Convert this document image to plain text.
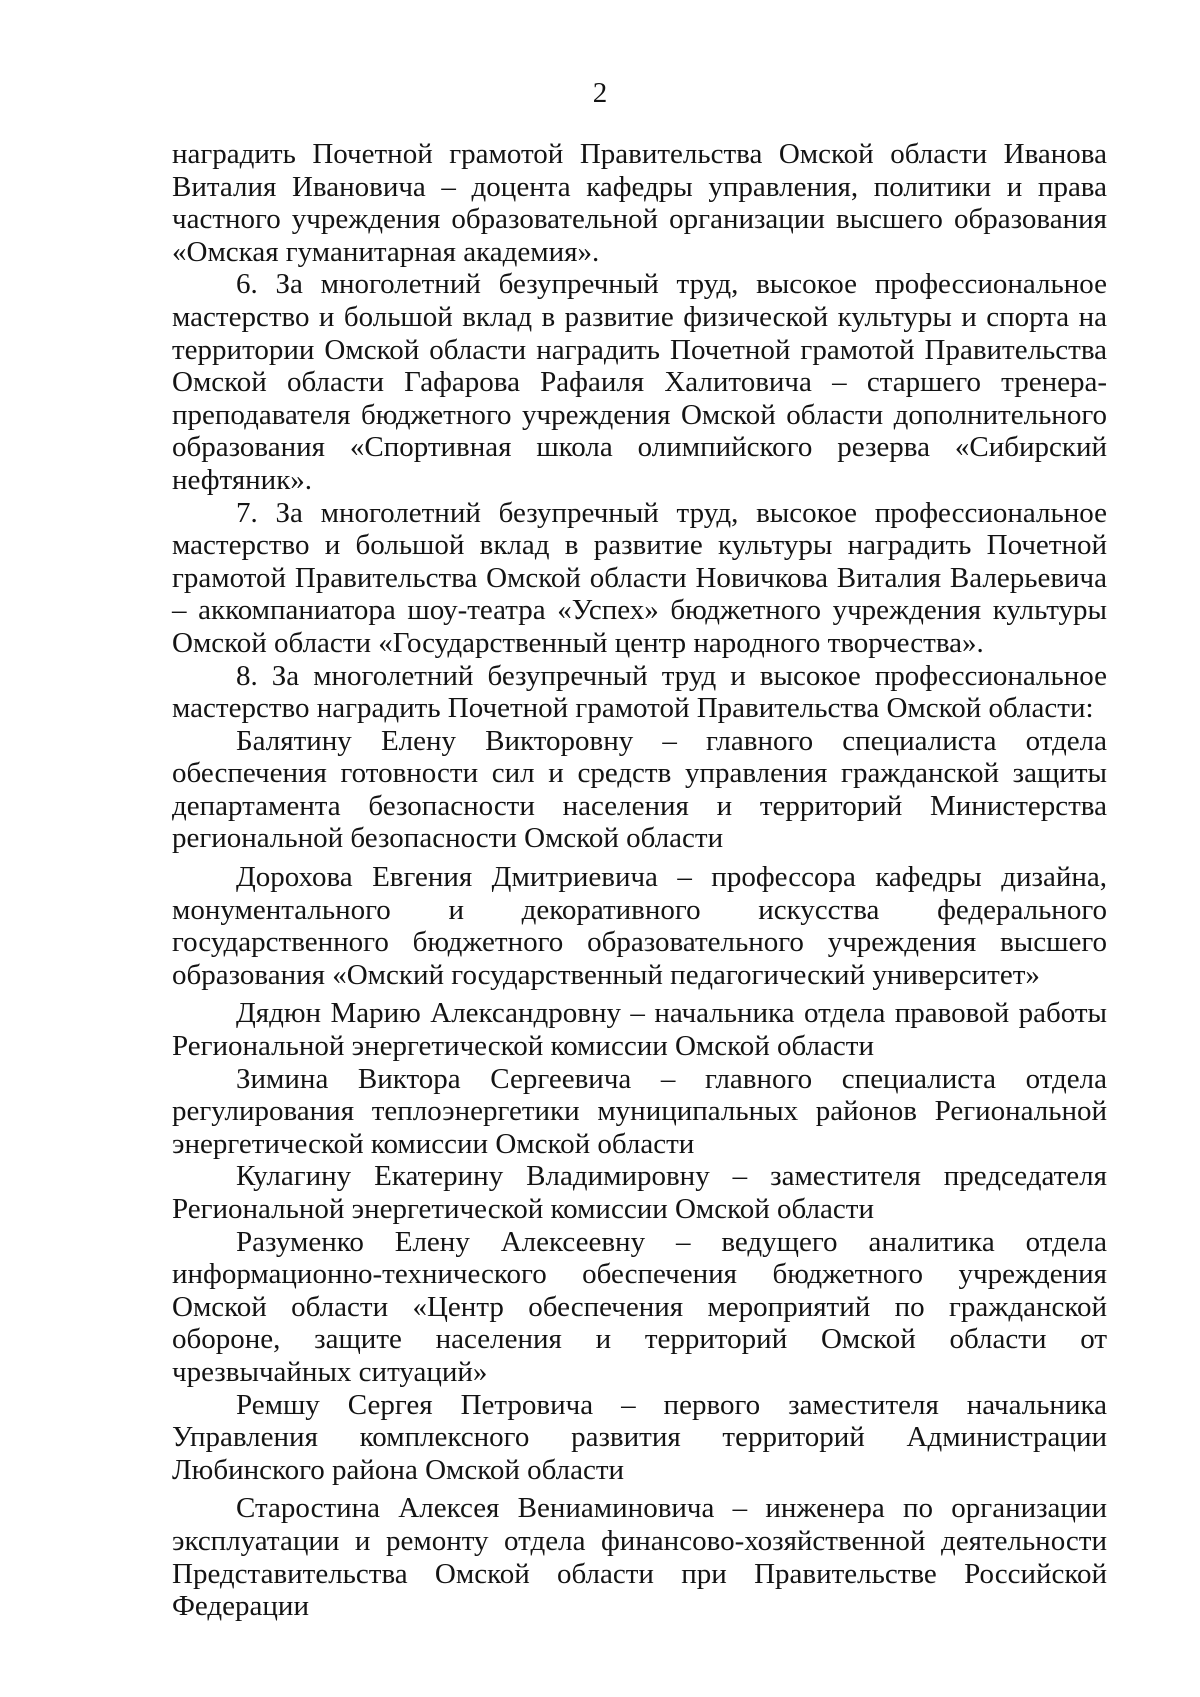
2

наградить Почетной грамотой Правительства Омской области Иванова Виталия Ивановича – доцента кафедры управления, политики и права частного учреждения образовательной организации высшего образования «Омская гуманитарная академия».

6. За многолетний безупречный труд, высокое профессиональное мастерство и большой вклад в развитие физической культуры и спорта на территории Омской области наградить Почетной грамотой Правительства Омской области Гафарова Рафаиля Халитовича – старшего тренера-преподавателя бюджетного учреждения Омской области дополнительного образования «Спортивная школа олимпийского резерва «Сибирский нефтяник».

7. За многолетний безупречный труд, высокое профессиональное мастерство и большой вклад в развитие культуры наградить Почетной грамотой Правительства Омской области Новичкова Виталия Валерьевича – аккомпаниатора шоу-театра «Успех» бюджетного учреждения культуры Омской области «Государственный центр народного творчества».

8. За многолетний безупречный труд и высокое профессиональное мастерство наградить Почетной грамотой Правительства Омской области:

Балятину Елену Викторовну – главного специалиста отдела обеспечения готовности сил и средств управления гражданской защиты департамента безопасности населения и территорий Министерства региональной безопасности Омской области

Дорохова Евгения Дмитриевича – профессора кафедры дизайна, монументального и декоративного искусства федерального государственного бюджетного образовательного учреждения высшего образования «Омский государственный педагогический университет»

Дядюн Марию Александровну – начальника отдела правовой работы Региональной энергетической комиссии Омской области

Зимина Виктора Сергеевича – главного специалиста отдела регулирования теплоэнергетики муниципальных районов Региональной энергетической комиссии Омской области

Кулагину Екатерину Владимировну – заместителя председателя Региональной энергетической комиссии Омской области

Разуменко Елену Алексеевну – ведущего аналитика отдела информационно-технического обеспечения бюджетного учреждения Омской области «Центр обеспечения мероприятий по гражданской обороне, защите населения и территорий Омской области от чрезвычайных ситуаций»

Ремшу Сергея Петровича – первого заместителя начальника Управления комплексного развития территорий Администрации Любинского района Омской области

Старостина Алексея Вениаминовича – инженера по организации эксплуатации и ремонту отдела финансово-хозяйственной деятельности Представительства Омской области при Правительстве Российской Федерации
